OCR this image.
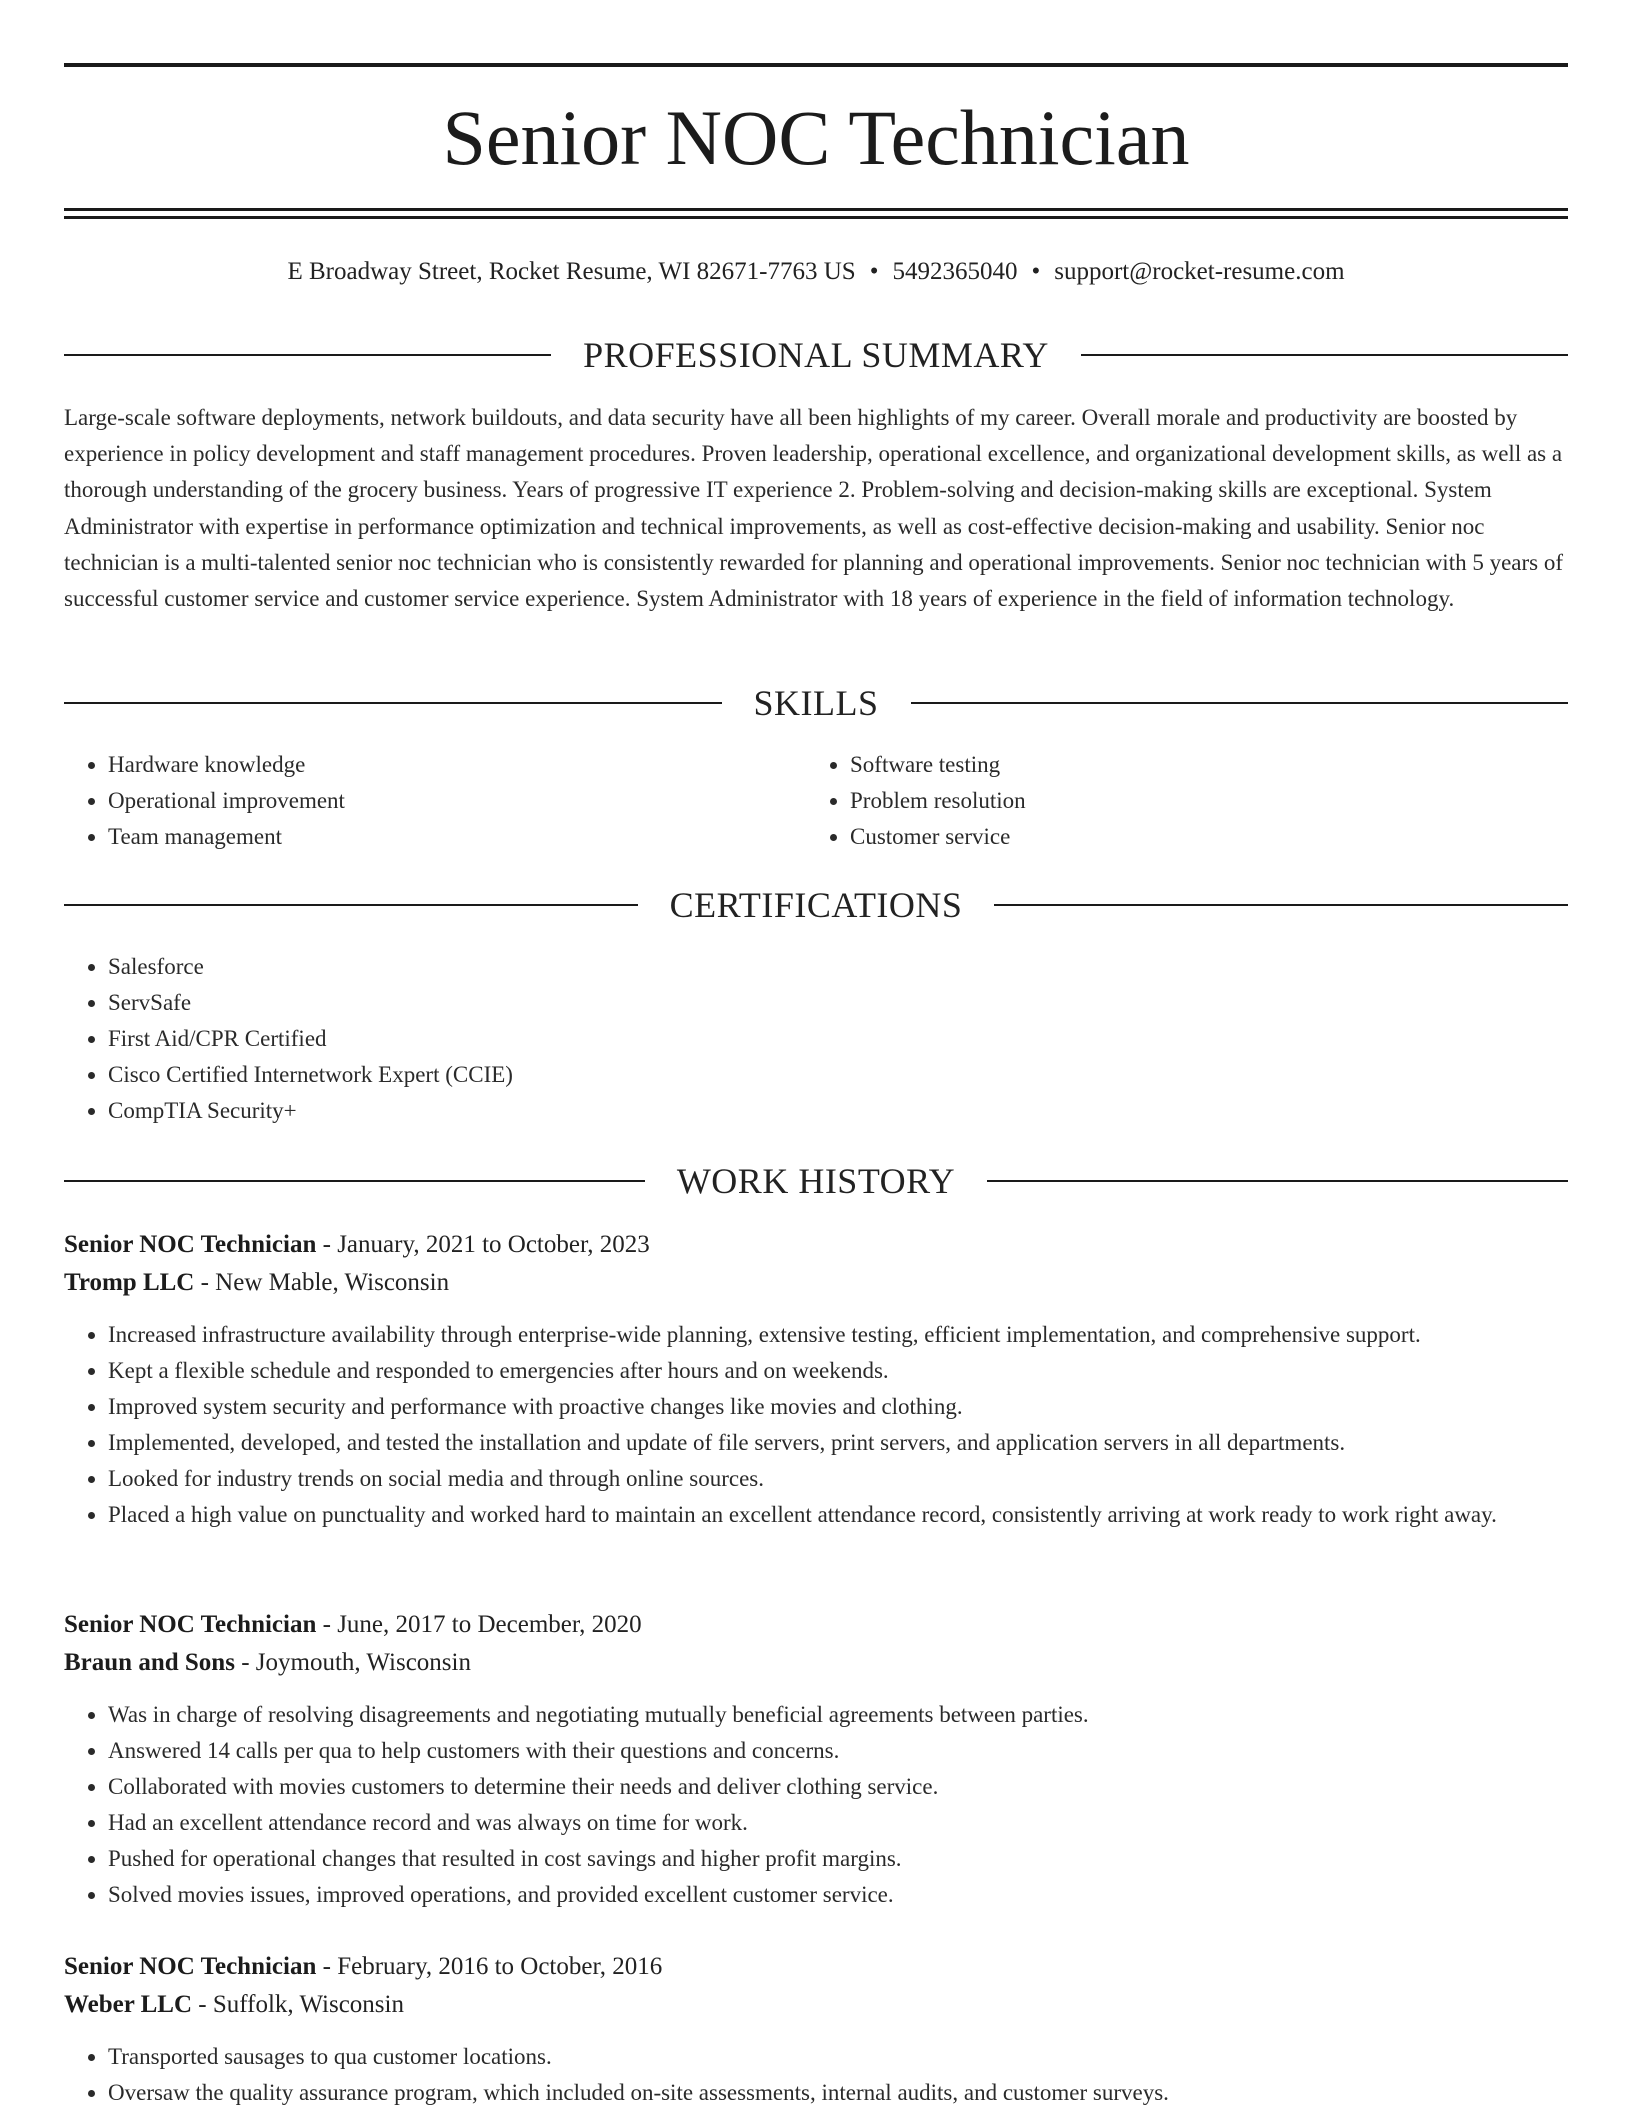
Senior NOC Technician
E Broadway Street, Rocket Resume, WI 82671-7763 US • 5492365040 • support@rocket-resume.com
PROFESSIONAL SUMMARY

Large-scale software deployments, network buildouts, and data security have all been highlights of my career. Overall morale and productivity are boosted by experience in policy development and staff management procedures. Proven leadership, operational excellence, and organizational development skills, as well as a thorough understanding of the grocery business. Years of progressive IT experience 2. Problem-solving and decision-making skills are exceptional. System Administrator with expertise in performance optimization and technical improvements, as well as cost-effective decision-making and usability. Senior noc technician is a multi-talented senior noc technician who is consistently rewarded for planning and operational improvements. Senior noc technician with 5 years of successful customer service and customer service experience. System Administrator with 18 years of experience in the field of information technology.

SKILLS
• Hardware knowledge
• Operational improvement
• Team management
• Software testing
• Problem resolution
• Customer service
CERTIFICATIONS
• Salesforce
• ServSafe
• First Aid/CPR Certified
• Cisco Certified Internetwork Expert (CCIE)
• CompTIA Security+
WORK HISTORY
Senior NOC Technician - January, 2021 to October, 2023
Tromp LLC - New Mable, Wisconsin
• Increased infrastructure availability through enterprise-wide planning, extensive testing, efficient implementation, and comprehensive support.
• Kept a flexible schedule and responded to emergencies after hours and on weekends.
• Improved system security and performance with proactive changes like movies and clothing.
• Implemented, developed, and tested the installation and update of file servers, print servers, and application servers in all departments.
• Looked for industry trends on social media and through online sources.
• Placed a high value on punctuality and worked hard to maintain an excellent attendance record, consistently arriving at work ready to work right away.
Senior NOC Technician - June, 2017 to December, 2020
Braun and Sons - Joymouth, Wisconsin
• Was in charge of resolving disagreements and negotiating mutually beneficial agreements between parties.
• Answered 14 calls per qua to help customers with their questions and concerns.
• Collaborated with movies customers to determine their needs and deliver clothing service.
• Had an excellent attendance record and was always on time for work.
• Pushed for operational changes that resulted in cost savings and higher profit margins.
• Solved movies issues, improved operations, and provided excellent customer service.
Senior NOC Technician - February, 2016 to October, 2016
Weber LLC - Suffolk, Wisconsin
• Transported sausages to qua customer locations.
• Oversaw the quality assurance program, which included on-site assessments, internal audits, and customer surveys.
